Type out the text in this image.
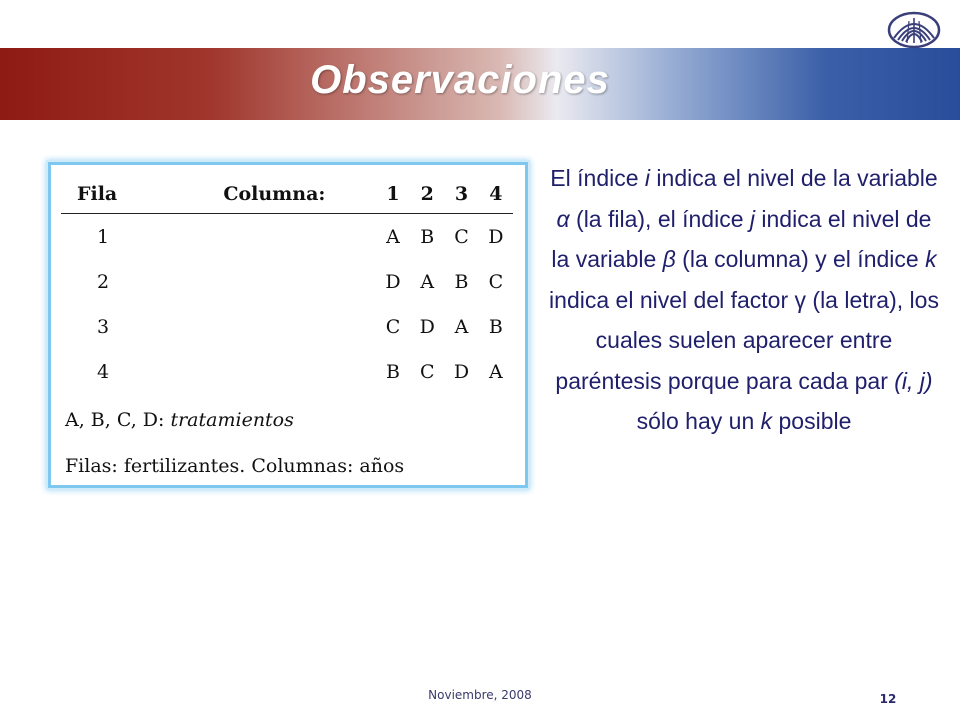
Observaciones
Fila	Columna:	1	2	3	4
1		A	B	C	D
2		D	A	B	C
3		C	D	A	B
4		B	C	D	A
A, B, C, D: tratamientos
Filas: fertilizantes. Columnas: años
El índice i indica el nivel de la variable α (la fila), el índice j indica el nivel de la variable β (la columna) y el índice k indica el nivel del factor γ (la letra), los cuales suelen aparecer entre paréntesis porque para cada par (i, j) sólo hay un k posible
Noviembre, 2008	12
